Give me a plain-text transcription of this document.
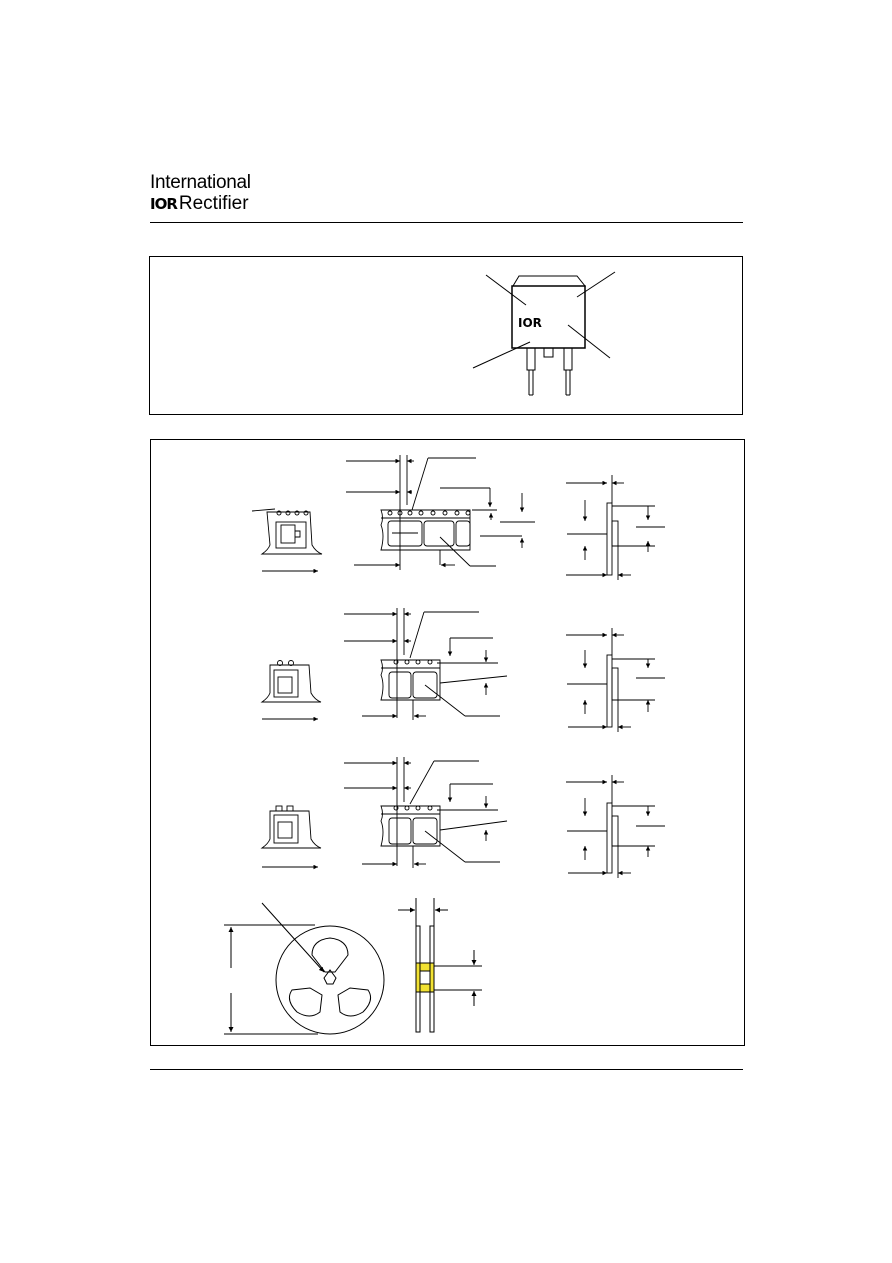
International
IOR Rectifier
IOR
